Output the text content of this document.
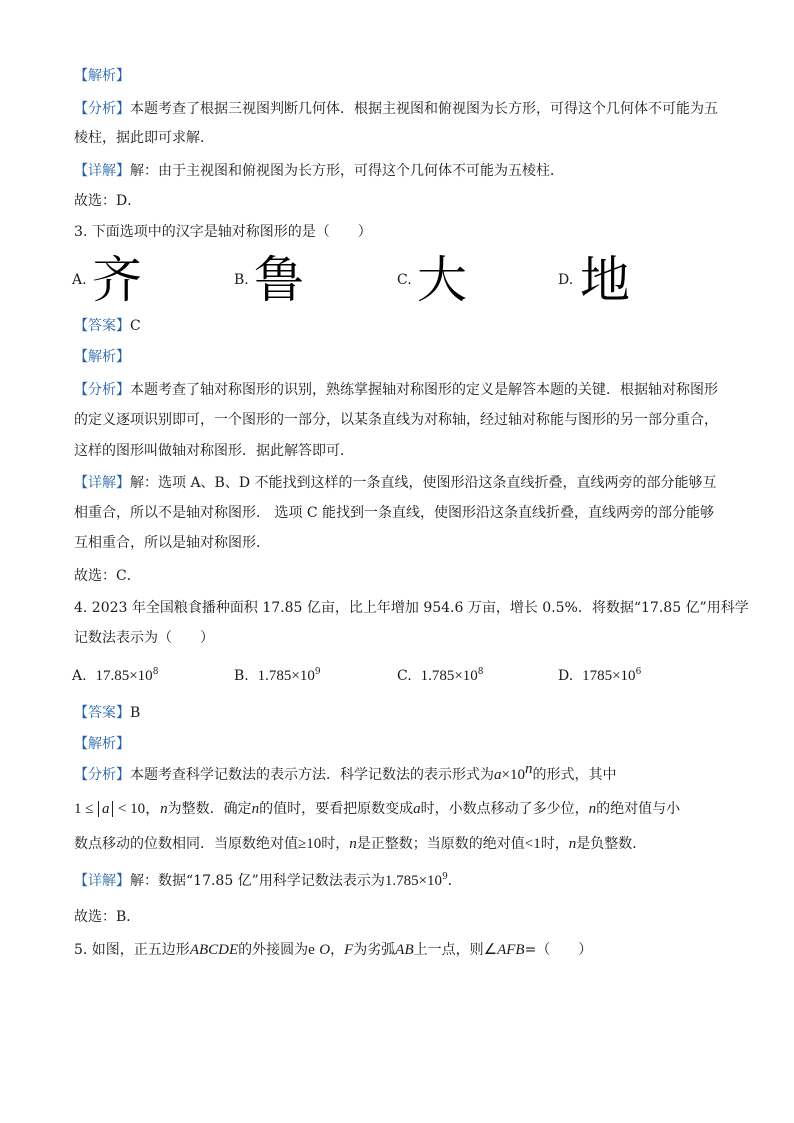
【解析】
【分析】本题考查了根据三视图判断几何体．根据主视图和俯视图为长方形，可得这个几何体不可能为五
棱柱，据此即可求解．
【详解】解：由于主视图和俯视图为长方形，可得这个几何体不可能为五棱柱．
故选：D．
3. 下面选项中的汉字是轴对称图形的是（　　）
A. 齐	B. 鲁	C. 大	D. 地
【答案】C
【解析】
【分析】本题考查了轴对称图形的识别，熟练掌握轴对称图形的定义是解答本题的关键．根据轴对称图形
的定义逐项识别即可，一个图形的一部分，以某条直线为对称轴，经过轴对称能与图形的另一部分重合，
这样的图形叫做轴对称图形．据此解答即可．
【详解】解：选项 A、B、D 不能找到这样的一条直线，使图形沿这条直线折叠，直线两旁的部分能够互
相重合，所以不是轴对称图形． 选项 C 能找到一条直线，使图形沿这条直线折叠，直线两旁的部分能够
互相重合，所以是轴对称图形．
故选：C．
4. 2023 年全国粮食播种面积 17.85 亿亩，比上年增加 954.6 万亩，增长 0.5%．将数据“17.85 亿”用科学
记数法表示为（　　）
A. $17.85\times 10^8$	B. $1.785\times 10^9$	C. $1.785\times 10^8$	D. $1785\times 10^6$
【答案】B
【解析】
【分析】本题考查科学记数法的表示方法．科学记数法的表示形式为$a\times 10^n$的形式，其中
1 ≤ a < 10，n为整数．确定n的值时，要看把原数变成a时，小数点移动了多少位，n的绝对值与小
数点移动的位数相同．当原数绝对值≥10时，n是正整数；当原数的绝对值<1时，n是负整数．
【详解】解：数据“17.85 亿”用科学记数法表示为$1.785\times 10^9$．
故选：B．
5. 如图，正五边形ABCDE的外接圆为e O，F为劣弧AB上一点，则∠AFB=（　　）
